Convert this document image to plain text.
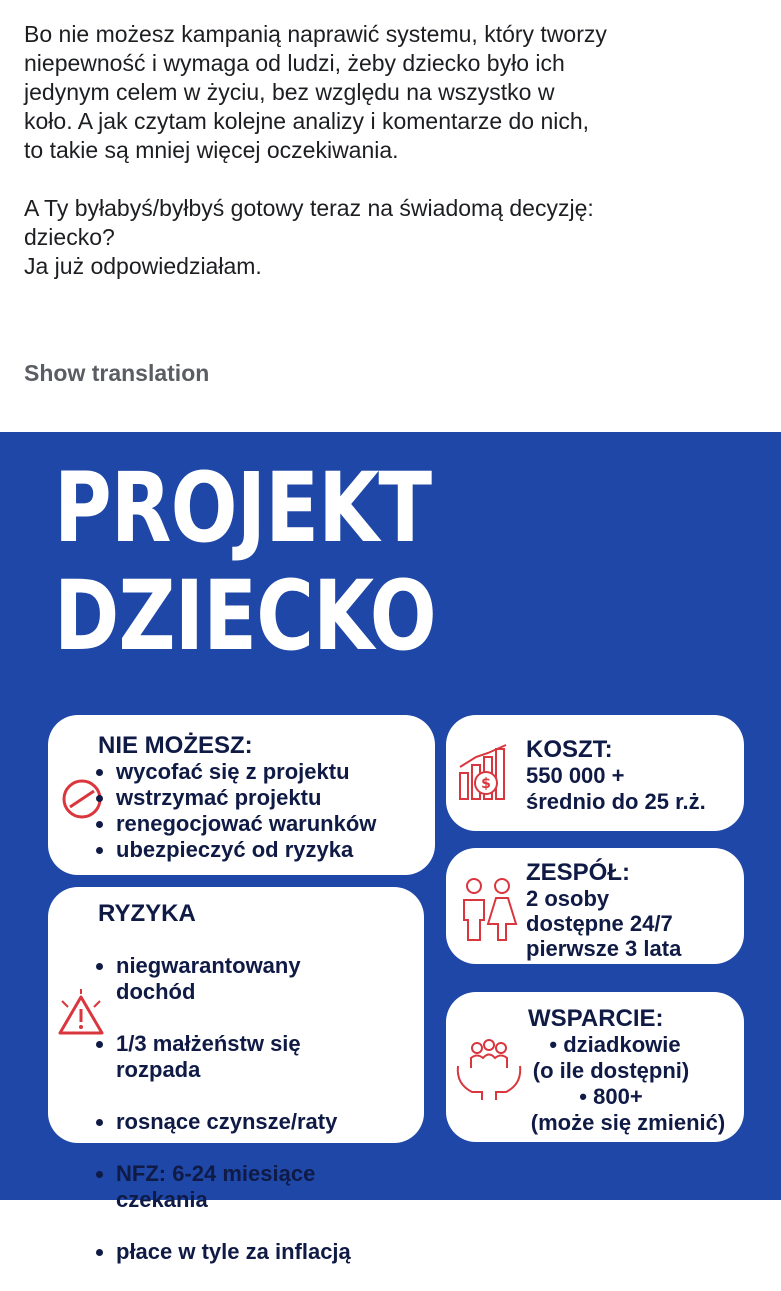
Bo nie możesz kampanią naprawić systemu, który tworzy
niepewność i wymaga od ludzi, żeby dziecko było ich
jedynym celem w życiu, bez względu na wszystko w
koło. A jak czytam kolejne analizy i komentarze do nich,
to takie są mniej więcej oczekiwania.

A Ty byłabyś/byłbyś gotowy teraz na świadomą decyzję:
dziecko?
Ja już odpowiedziałam.

Show translation
PROJEKT
DZIECKO
NIE MOŻESZ:
• wycofać się z projektu
• wstrzymać projektu
• renegocjować warunków
• ubezpieczyć od ryzyka
RYZYKA

• niegwarantowany
dochód

• 1/3 małżeństw się
rozpada

• rosnące czynsze/raty

• NFZ: 6-24 miesiące
czekania

• płace w tyle za inflacją

$
KOSZT:
550 000 +
średnio do 25 r.ż.
ZESPÓŁ:
2 osoby
dostępne 24/7
pierwsze 3 lata
WSPARCIE:
• dziadkowie
(o ile dostępni)
• 800+
(może się zmienić)
